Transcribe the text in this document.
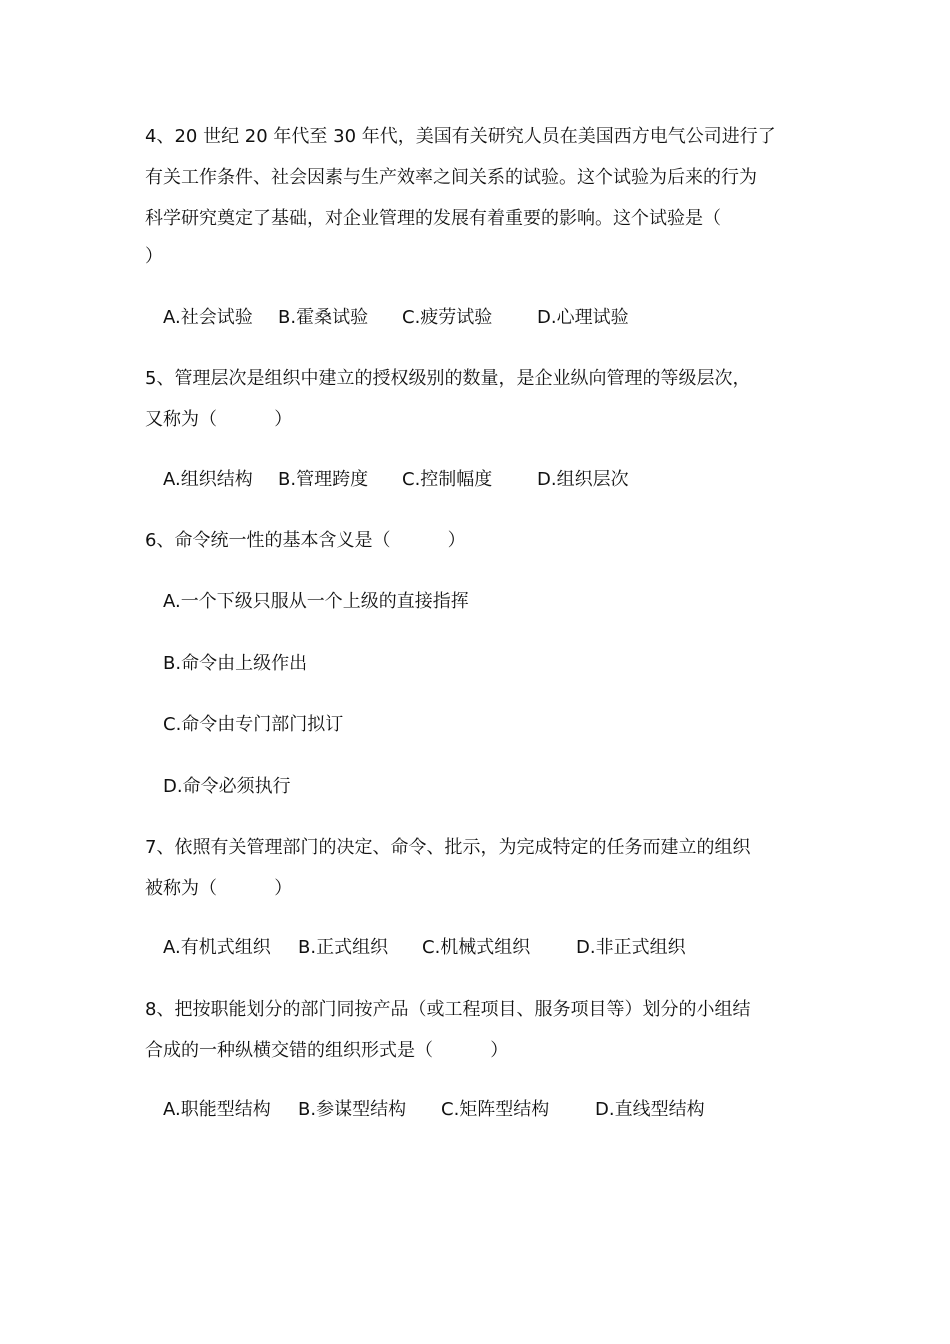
4、20 世纪 20 年代至 30 年代，美国有关研究人员在美国西方电气公司进行了
有关工作条件、社会因素与生产效率之间关系的试验。这个试验为后来的行为
科学研究奠定了基础，对企业管理的发展有着重要的影响。这个试验是（
）
A.社会试验 B.霍桑试验 C.疲劳试验 D.心理试验
5、管理层次是组织中建立的授权级别的数量，是企业纵向管理的等级层次，
又称为（          ）
A.组织结构 B.管理跨度 C.控制幅度 D.组织层次
6、命令统一性的基本含义是（          ）
A.一个下级只服从一个上级的直接指挥
B.命令由上级作出
C.命令由专门部门拟订
D.命令必须执行
7、依照有关管理部门的决定、命令、批示，为完成特定的任务而建立的组织
被称为（          ）
A.有机式组织 B.正式组织 C.机械式组织	D.非正式组织
8、把按职能划分的部门同按产品（或工程项目、服务项目等）划分的小组结
合成的一种纵横交错的组织形式是（          ）
A.职能型结构 B.参谋型结构 C.矩阵型结构	D.直线型结构
